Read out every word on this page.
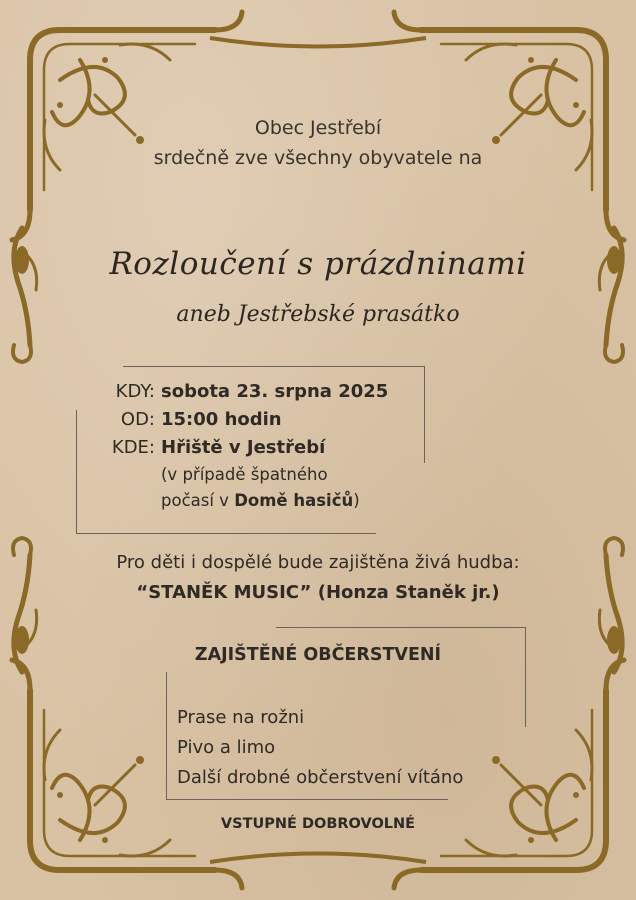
Obec Jestřebí
srdečně zve všechny obyvatele na
Rozloučení s prázdninami
aneb Jestřebské prasátko
KDY: sobota 23. srpna 2025
OD: 15:00 hodin
KDE: Hřiště v Jestřebí
(v případě špatného
počasí v Domě hasičů)
Pro děti i dospělé bude zajištěna živá hudba:
“STANĚK MUSIC” (Honza Staněk jr.)
ZAJIŠTĚNÉ OBČERSTVENÍ
Prase na rožni
Pivo a limo
Další drobné občerstvení vítáno
VSTUPNÉ DOBROVOLNÉ
